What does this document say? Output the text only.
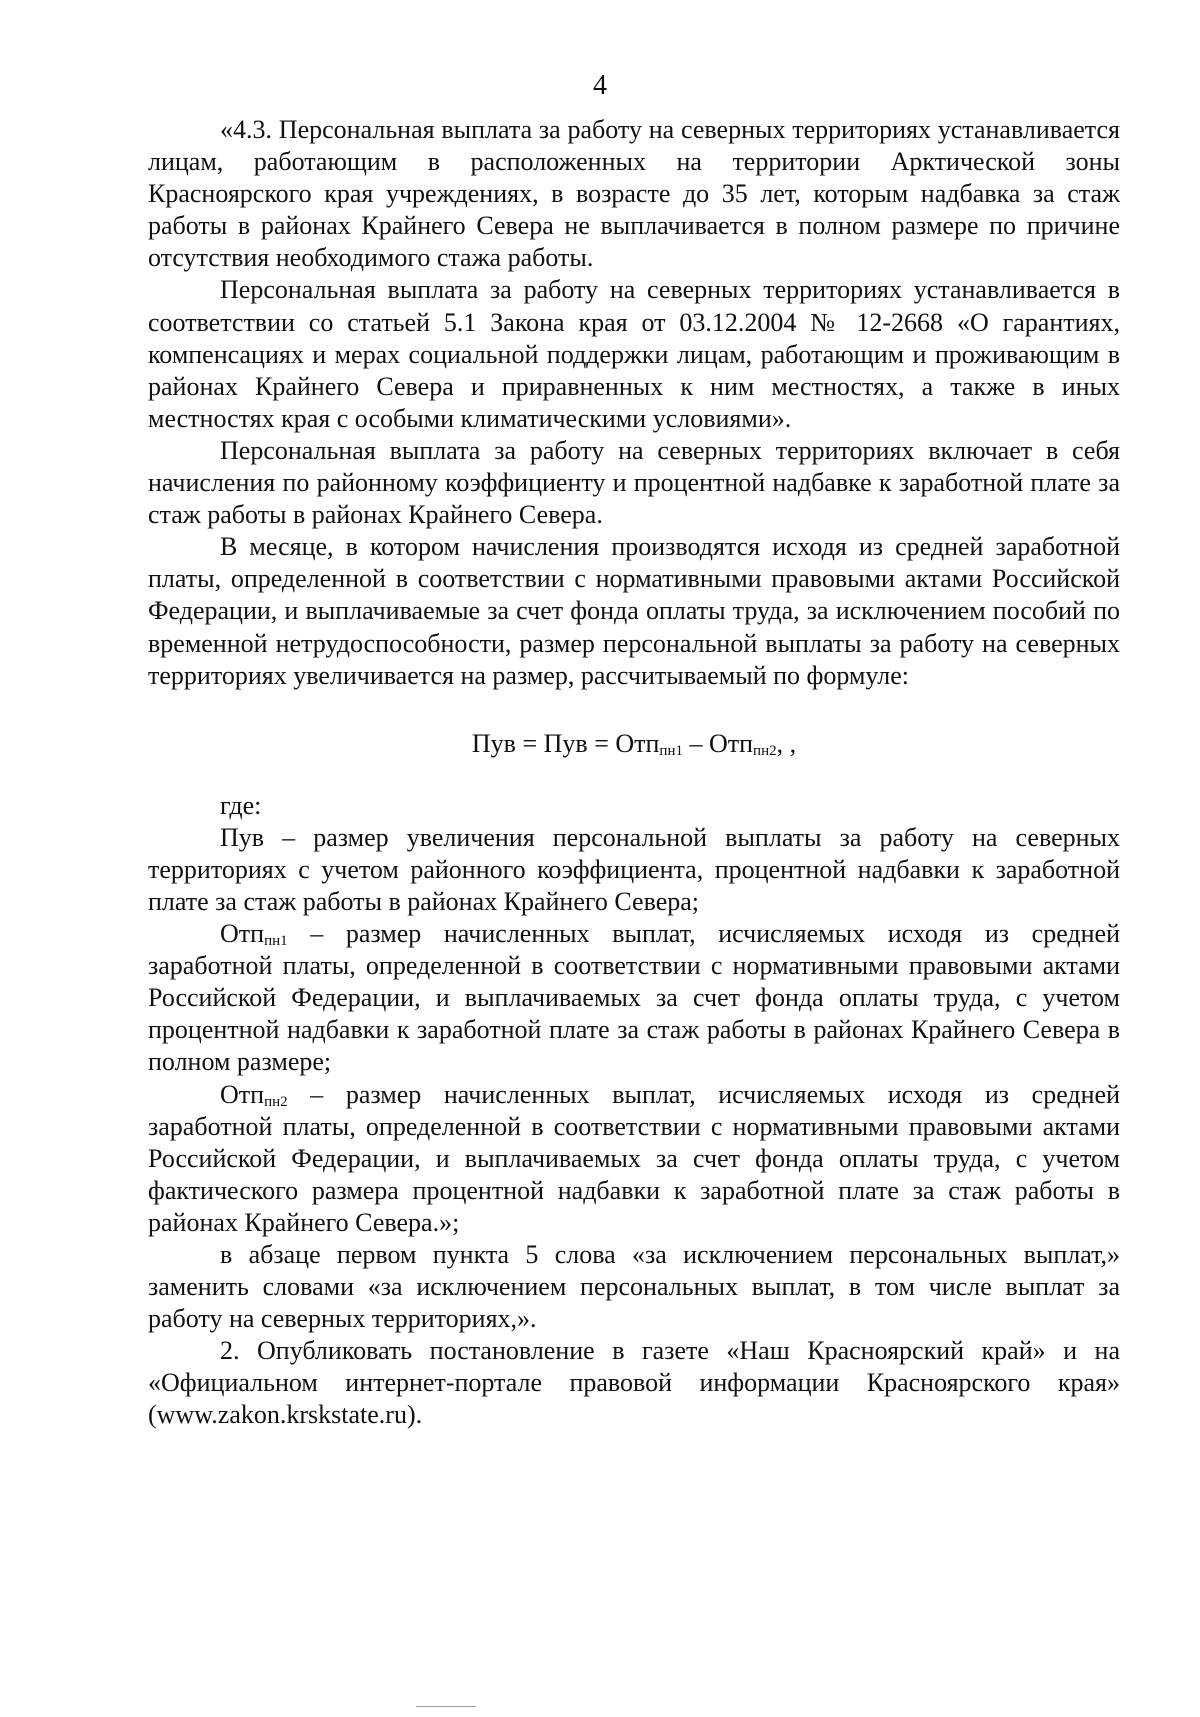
4

«4.3. Персональная выплата за работу на северных территориях устанавливается лицам, работающим в расположенных на территории Арктической зоны Красноярского края учреждениях, в возрасте до 35 лет, которым надбавка за стаж работы в районах Крайнего Севера не выплачивается в полном размере по причине отсутствия необходимого стажа работы.

Персональная выплата за работу на северных территориях устанавливается в соответствии со статьей 5.1 Закона края от 03.12.2004 № 12-2668 «О гарантиях, компенсациях и мерах социальной поддержки лицам, работающим и проживающим в районах Крайнего Севера и приравненных к ним местностях, а также в иных местностях края с особыми климатическими условиями».

Персональная выплата за работу на северных территориях включает в себя начисления по районному коэффициенту и процентной надбавке к заработной плате за стаж работы в районах Крайнего Севера.

В месяце, в котором начисления производятся исходя из средней заработной платы, определенной в соответствии с нормативными правовыми актами Российской Федерации, и выплачиваемые за счет фонда оплаты труда, за исключением пособий по временной нетрудоспособности, размер персональной выплаты за работу на северных территориях увеличивается на размер, рассчитываемый по формуле:

Пув = Пув = Отп$_{пн1}$ – Отп$_{пн2}$, ,

где:

Пув – размер увеличения персональной выплаты за работу на северных территориях с учетом районного коэффициента, процентной надбавки к заработной плате за стаж работы в районах Крайнего Севера;

Отп$_{пн1}$ – размер начисленных выплат, исчисляемых исходя из средней заработной платы, определенной в соответствии с нормативными правовыми актами Российской Федерации, и выплачиваемых за счет фонда оплаты труда, с учетом процентной надбавки к заработной плате за стаж работы в районах Крайнего Севера в полном размере;

Отп$_{пн2}$ – размер начисленных выплат, исчисляемых исходя из средней заработной платы, определенной в соответствии с нормативными правовыми актами Российской Федерации, и выплачиваемых за счет фонда оплаты труда, с учетом фактического размера процентной надбавки к заработной плате за стаж работы в районах Крайнего Севера.»;

в абзаце первом пункта 5 слова «за исключением персональных выплат,» заменить словами «за исключением персональных выплат, в том числе выплат за работу на северных территориях,».

2. Опубликовать постановление в газете «Наш Красноярский край» и на «Официальном интернет-портале правовой информации Красноярского края» (www.zakon.krskstate.ru).
